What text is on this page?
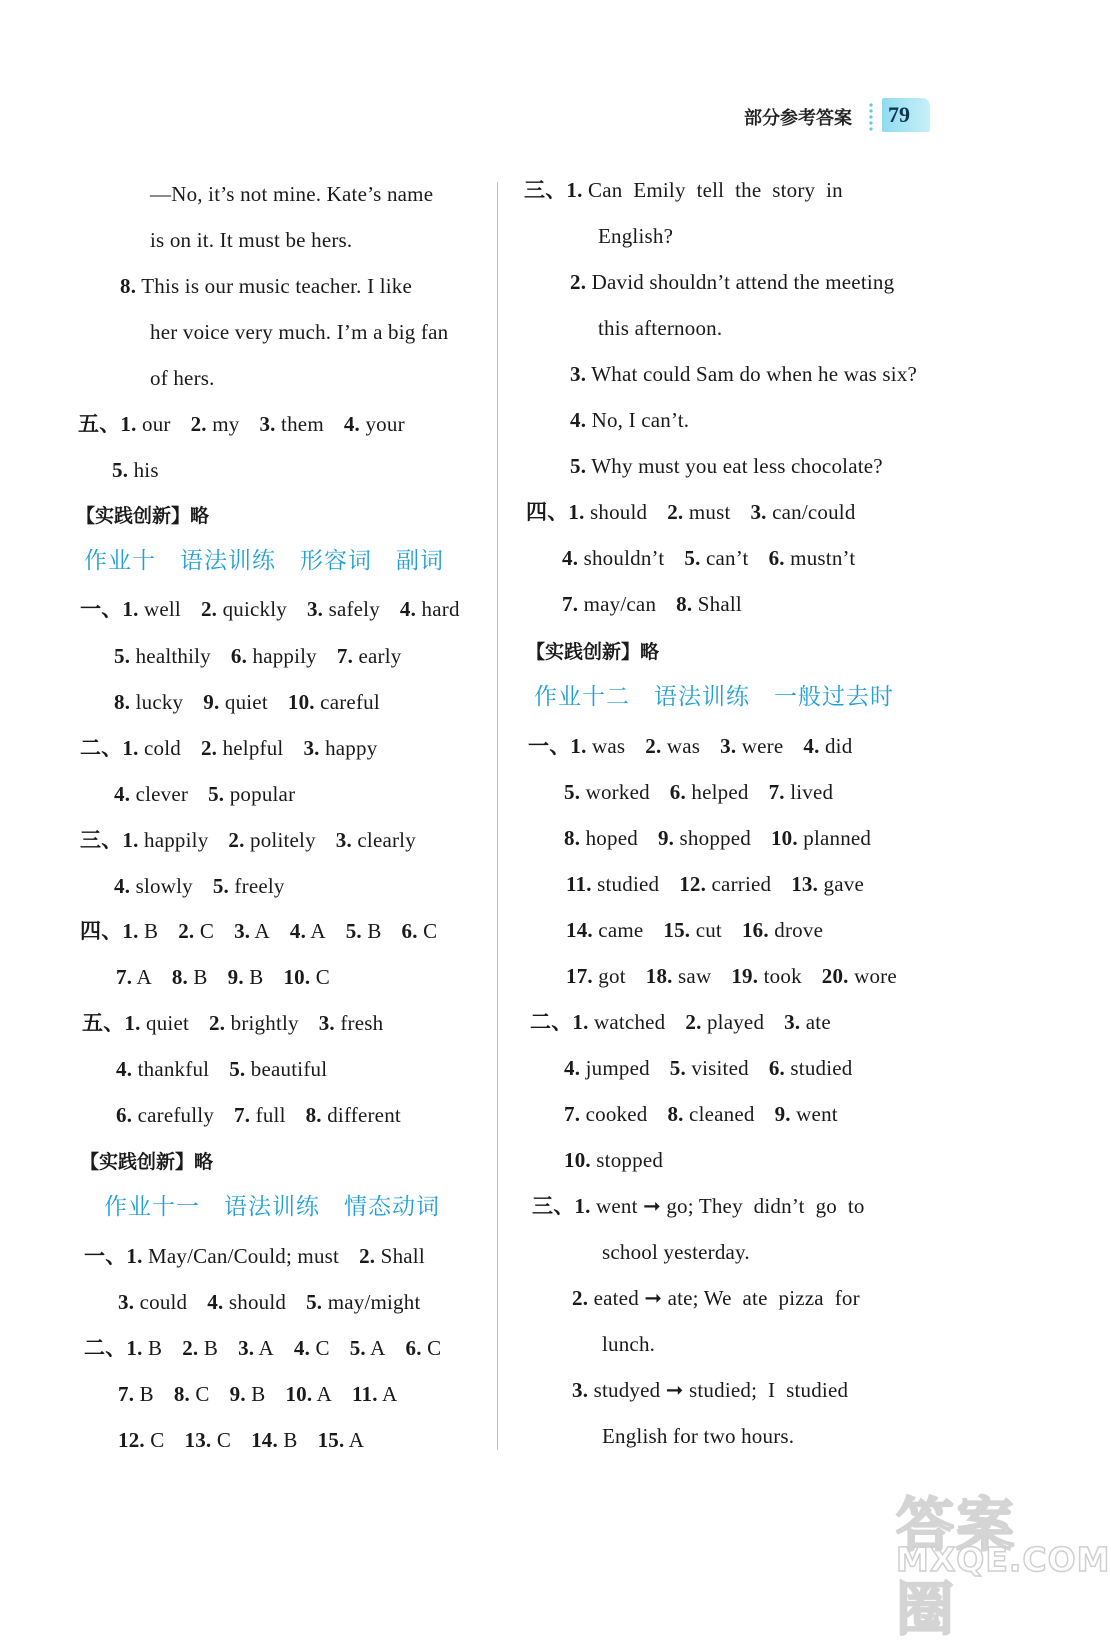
部分参考答案 79
—No, it’s not mine. Kate’s name
is on it. It must be hers.
8. This is our music teacher. I like
her voice very much. I’m a big fan
of hers.
五、1. our 2. my 3. them 4. your
5. his
一、1. well 2. quickly 3. safely 4. hard
5. healthily 6. happily 7. early
8. lucky 9. quiet 10. careful
二、1. cold 2. helpful 3. happy
4. clever 5. popular
三、1. happily 2. politely 3. clearly
4. slowly 5. freely
四、1. B 2. C 3. A 4. A 5. B 6. C
7. A 8. B 9. B 10. C
五、1. quiet 2. brightly 3. fresh
4. thankful 5. beautiful
6. carefully 7. full 8. different
一、1. May/Can/Could; must 2. Shall
3. could 4. should 5. may/might
二、1. B 2. B 3. A 4. C 5. A 6. C
7. B 8. C 9. B 10. A 11. A
12. C 13. C 14. B 15. A
【实践创新】略
【实践创新】略
作业十 语法训练 形容词 副词
作业十一 语法训练 情态动词
三、1. Can  Emily  tell  the  story  in
English?
2. David shouldn’t attend the meeting
this afternoon.
3. What could Sam do when he was six?
4. No, I can’t.
5. Why must you eat less chocolate?
四、1. should 2. must 3. can/could
4. shouldn’t 5. can’t 6. mustn’t
7. may/can 8. Shall
一、1. was 2. was 3. were 4. did
5. worked 6. helped 7. lived
8. hoped 9. shopped 10. planned
11. studied 12. carried 13. gave
14. came 15. cut 16. drove
17. got 18. saw 19. took 20. wore
二、1. watched 2. played 3. ate
4. jumped 5. visited 6. studied
7. cooked 8. cleaned 9. went
10. stopped
三、1. went ➞ go; They  didn’t  go  to
school yesterday.
2. eated ➞ ate; We  ate  pizza  for
lunch.
3. studyed ➞ studied;  I  studied
English for two hours.
【实践创新】略
作业十二 语法训练 一般过去时
答案圈
MXQE.COM
